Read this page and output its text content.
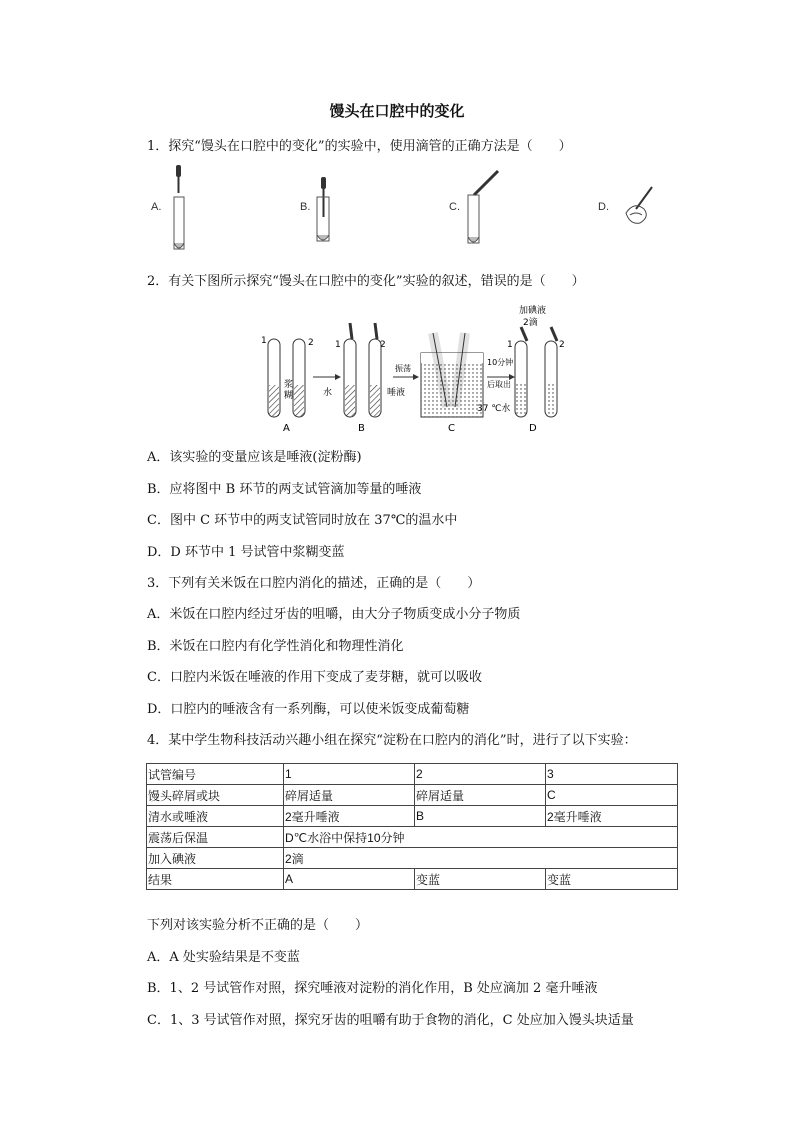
馒头在口腔中的变化
1．探究“馒头在口腔中的变化”的实验中，使用滴管的正确方法是（　　）
A.	B.	C.	D.
2．有关下图所示探究“馒头在口腔中的变化”实验的叙述，错误的是（　　）
1	2
浆糊
A
1	2
水	唾液
B
振荡
C
10分钟
后取出
37 ℃水
加碘液
2滴
1	2
D
A．该实验的变量应该是唾液(淀粉酶)
B．应将图中 B 环节的两支试管滴加等量的唾液
C．图中 C 环节中的两支试管同时放在 37℃的温水中
D．D 环节中 1 号试管中浆糊变蓝
3．下列有关米饭在口腔内消化的描述，正确的是（　　）
A．米饭在口腔内经过牙齿的咀嚼，由大分子物质变成小分子物质
B．米饭在口腔内有化学性消化和物理性消化
C．口腔内米饭在唾液的作用下变成了麦芽糖，就可以吸收
D．口腔内的唾液含有一系列酶，可以使米饭变成葡萄糖
4．某中学生物科技活动兴趣小组在探究“淀粉在口腔内的消化”时，进行了以下实验：
试管编号	1	2	3
馒头碎屑或块	碎屑适量	碎屑适量	C
清水或唾液	2毫升唾液	B	2毫升唾液
震荡后保温	D℃水浴中保持10分钟		
加入碘液	2滴		
结果	A	变蓝	变蓝
下列对该实验分析不正确的是（　　）
A．A 处实验结果是不变蓝
B．1、2 号试管作对照，探究唾液对淀粉的消化作用，B 处应滴加 2 毫升唾液
C．1、3 号试管作对照，探究牙齿的咀嚼有助于食物的消化，C 处应加入馒头块适量
